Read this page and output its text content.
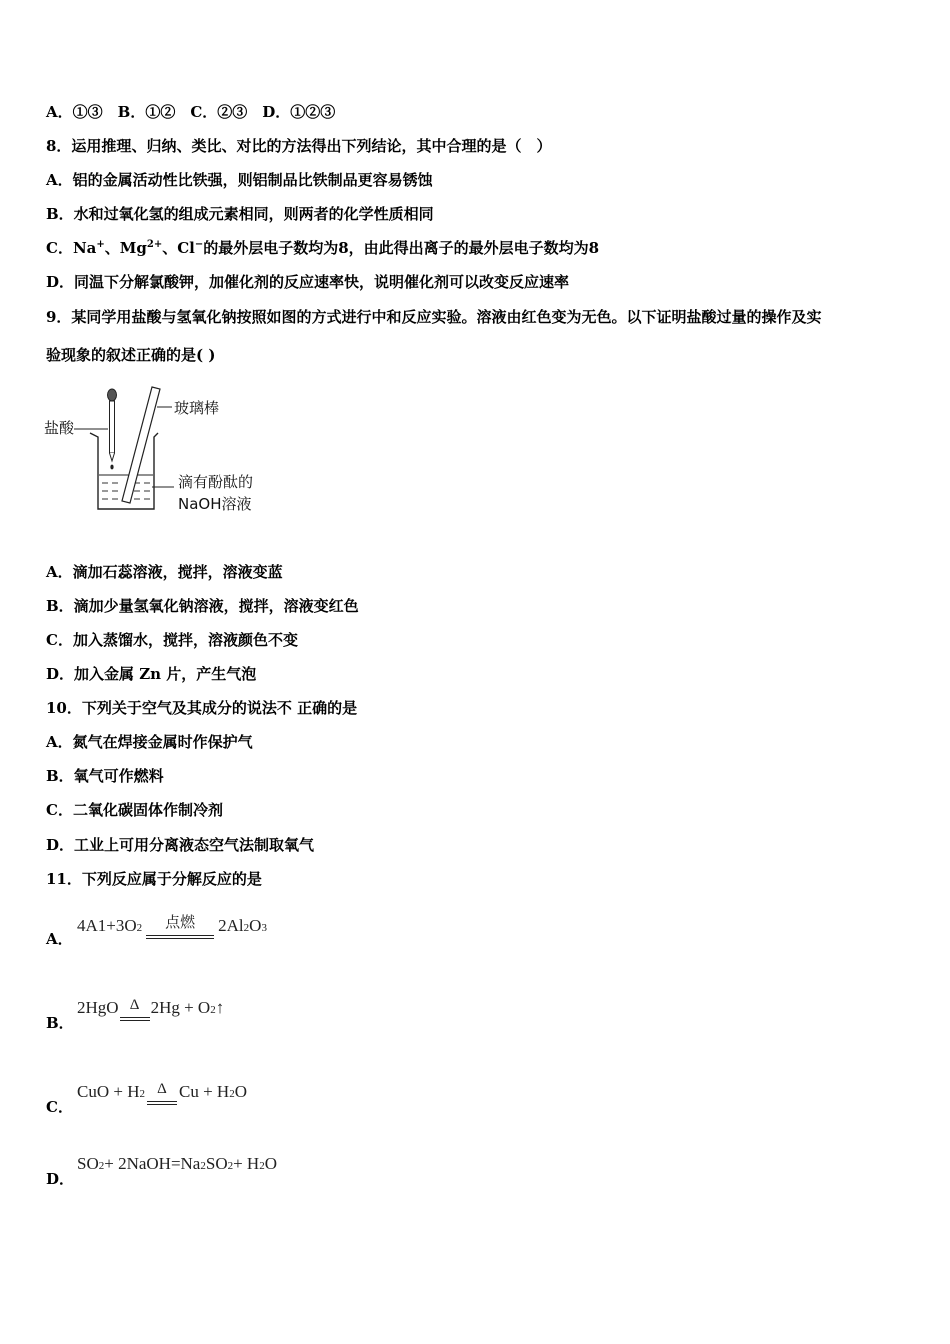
A．①③　B．①②　C．②③　D．①②③

8．运用推理、归纳、类比、对比的方法得出下列结论，其中合理的是（　）

A．铝的金属活动性比铁强，则铝制品比铁制品更容易锈蚀

B．水和过氧化氢的组成元素相同，则两者的化学性质相同

C．Na+、$Mg^{2+}$、Cl−的最外层电子数均为8，由此得出离子的最外层电子数均为8

D．同温下分解氯酸钾，加催化剂的反应速率快，说明催化剂可以改变反应速率

9．某同学用盐酸与氢氧化钠按照如图的方式进行中和反应实验。溶液由红色变为无色。以下证明盐酸过量的操作及实

验现象的叙述正确的是( )

盐酸
玻璃棒
滴有酚酞的
NaOH溶液

A．滴加石蕊溶液，搅拌，溶液变蓝

B．滴加少量氢氧化钠溶液，搅拌，溶液变红色

C．加入蒸馏水，搅拌，溶液颜色不变

D．加入金属 Zn 片，产生气泡

10．下列关于空气及其成分的说法不 正确的是

A．氮气在焊接金属时作保护气

B．氧气可作燃料

C．二氧化碳固体作制冷剂

D．工业上可用分离液态空气法制取氧气

11．下列反应属于分解反应的是

A．
4A1+3O 2 点燃 2Al 2 O 3
B．
2HgO Δ 2Hg + O 2 ↑
C．
CuO + H 2 Δ Cu + H 2 O
D．
SO 2 + 2NaOH=Na 2 SO 2 + H 2 O
